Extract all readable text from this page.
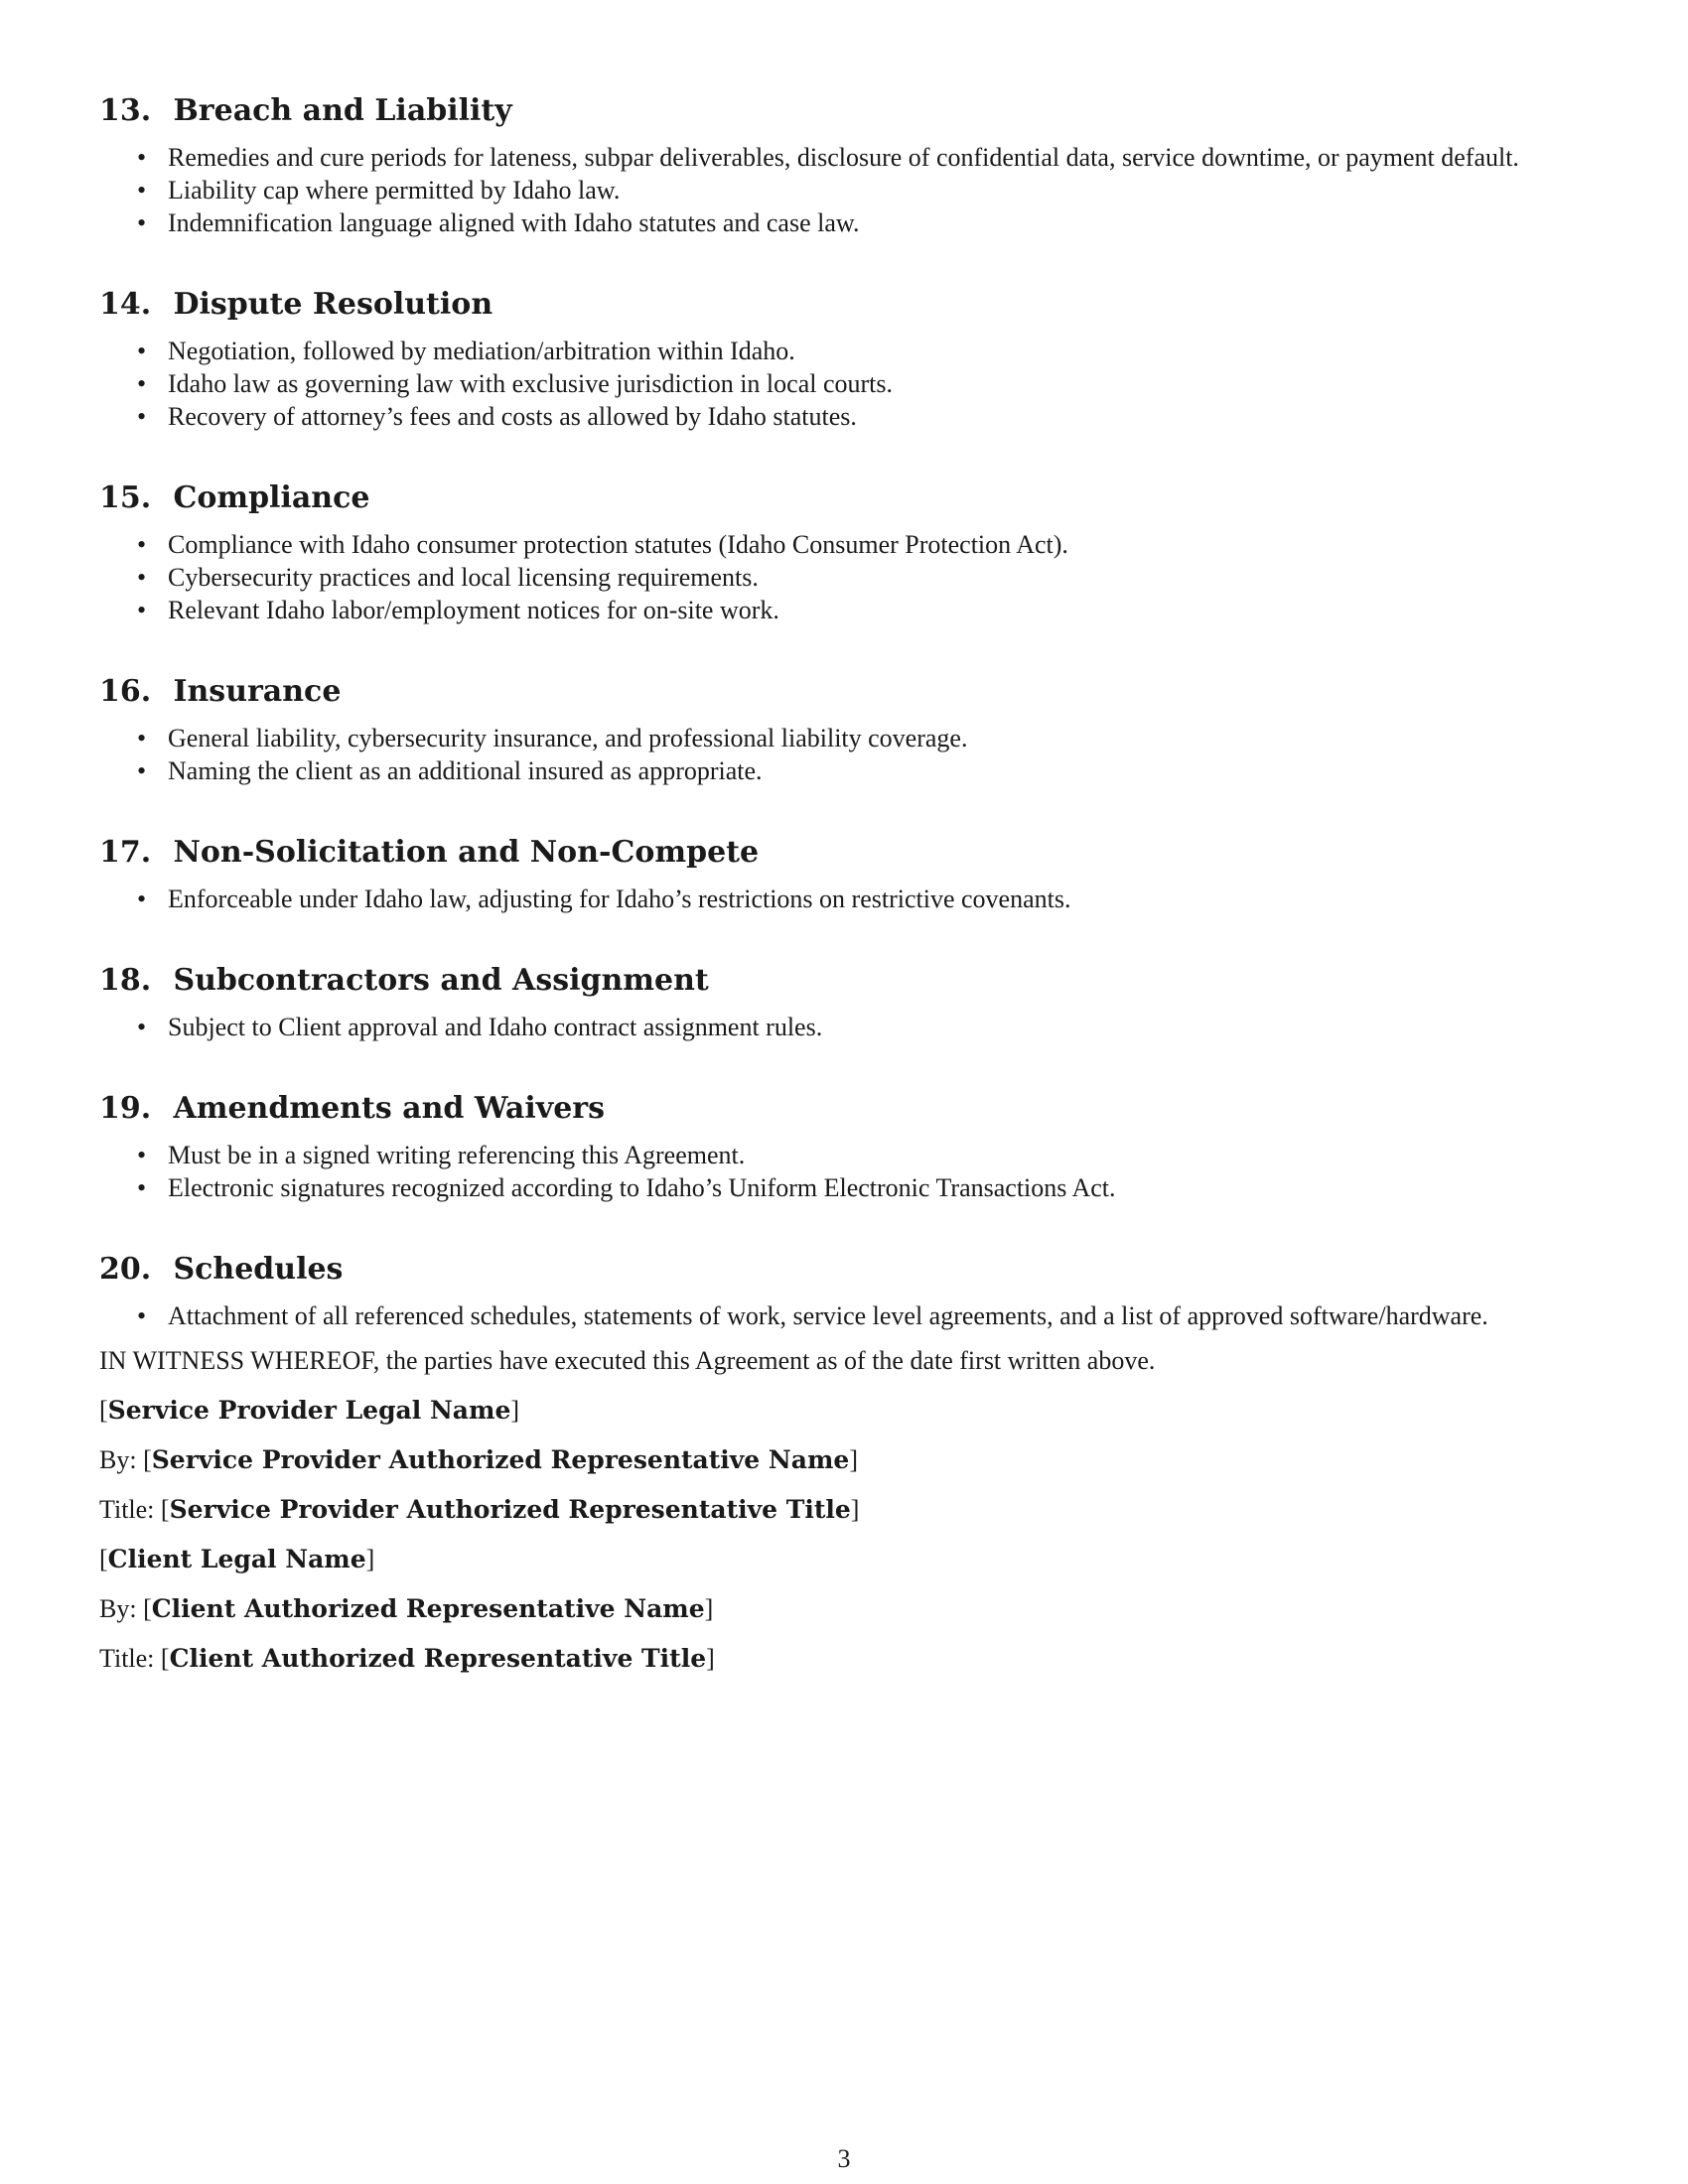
13. Breach and Liability
• Remedies and cure periods for lateness, subpar deliverables, disclosure of confidential data, service downtime, or payment default.
• Liability cap where permitted by Idaho law.
• Indemnification language aligned with Idaho statutes and case law.
14. Dispute Resolution
• Negotiation, followed by mediation/arbitration within Idaho.
• Idaho law as governing law with exclusive jurisdiction in local courts.
• Recovery of attorney’s fees and costs as allowed by Idaho statutes.
15. Compliance
• Compliance with Idaho consumer protection statutes (Idaho Consumer Protection Act).
• Cybersecurity practices and local licensing requirements.
• Relevant Idaho labor/employment notices for on-site work.
16. Insurance
• General liability, cybersecurity insurance, and professional liability coverage.
• Naming the client as an additional insured as appropriate.
17. Non-Solicitation and Non-Compete
• Enforceable under Idaho law, adjusting for Idaho’s restrictions on restrictive covenants.
18. Subcontractors and Assignment
• Subject to Client approval and Idaho contract assignment rules.
19. Amendments and Waivers
• Must be in a signed writing referencing this Agreement.
• Electronic signatures recognized according to Idaho’s Uniform Electronic Transactions Act.
20. Schedules
• Attachment of all referenced schedules, statements of work, service level agreements, and a list of approved software/hardware.
IN WITNESS WHEREOF, the parties have executed this Agreement as of the date first written above.
[Service Provider Legal Name]
By: [Service Provider Authorized Representative Name]
Title: [Service Provider Authorized Representative Title]
[Client Legal Name]
By: [Client Authorized Representative Name]
Title: [Client Authorized Representative Title]
3
